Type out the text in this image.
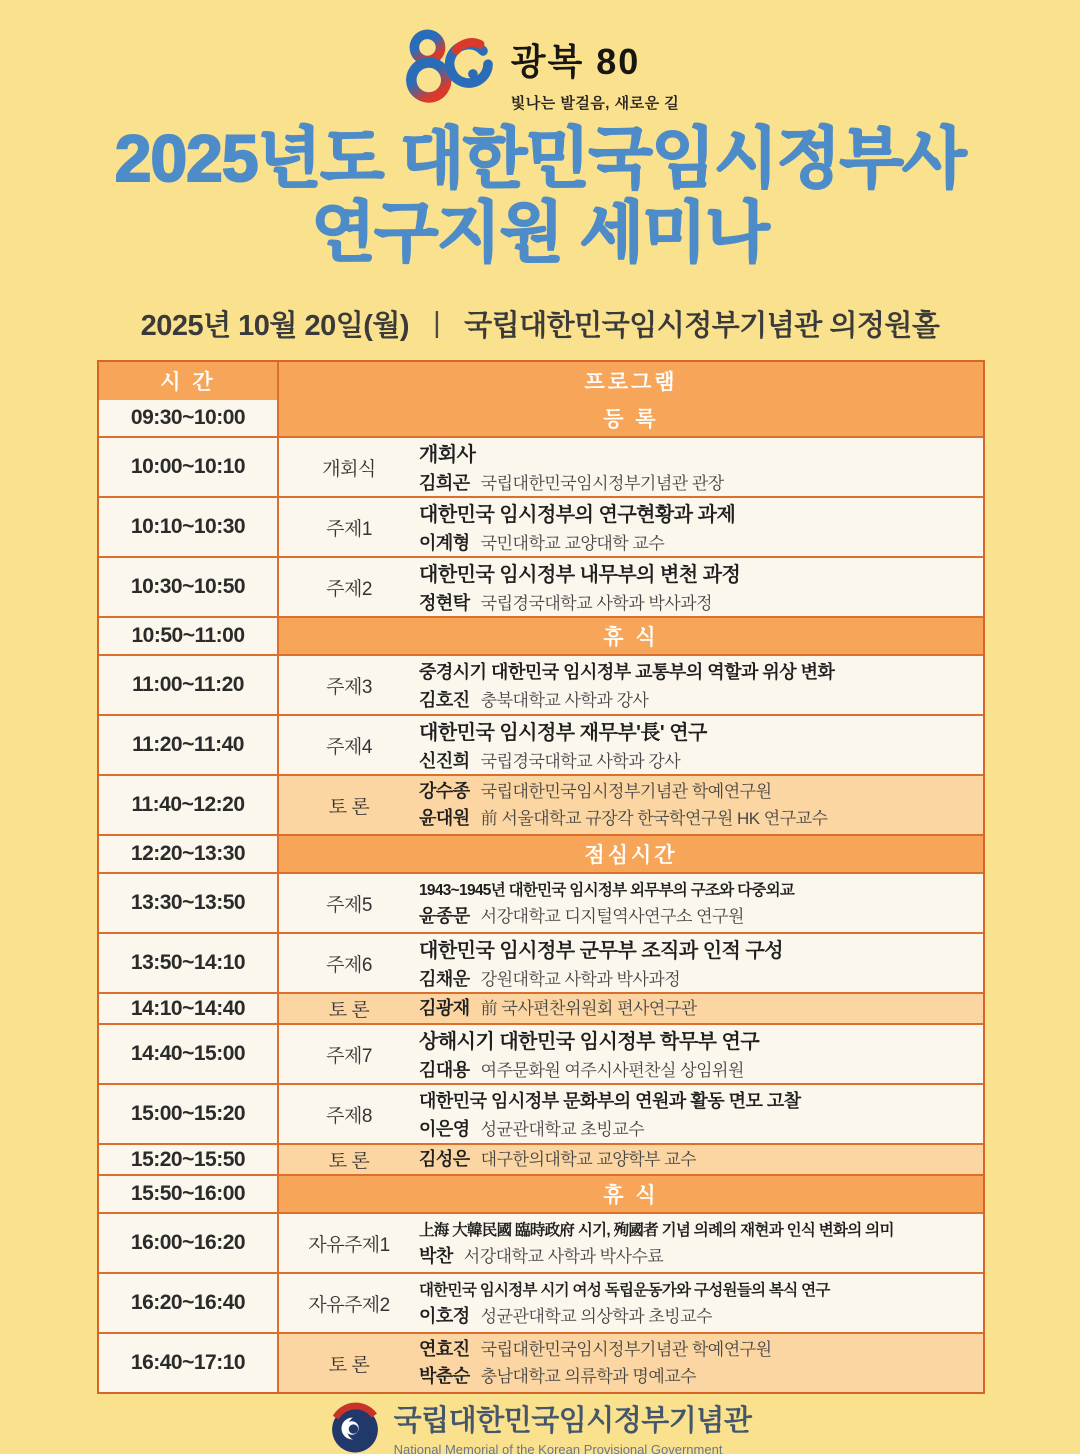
광복 80
빛나는 발걸음, 새로운 길
2025년도 대한민국임시정부사
연구지원 세미나
2025년 10월 20일(월) | 국립대한민국임시정부기념관 의정원홀
시 간	프로그램
09:30~10:00	등 록
10:00~10:10	개회식
개회사
김희곤 국립대한민국임시정부기념관 관장
10:10~10:30	주제1
대한민국 임시정부의 연구현황과 과제
이계형 국민대학교 교양대학 교수
10:30~10:50	주제2
대한민국 임시정부 내무부의 변천 과정
정현탁 국립경국대학교 사학과 박사과정
10:50~11:00	휴 식
11:00~11:20	주제3
중경시기 대한민국 임시정부 교통부의 역할과 위상 변화
김호진 충북대학교 사학과 강사
11:20~11:40	주제4
대한민국 임시정부 재무부'長' 연구
신진희 국립경국대학교 사학과 강사
11:40~12:20	토 론
강수종 국립대한민국임시정부기념관 학예연구원
윤대원 前 서울대학교 규장각 한국학연구원 HK 연구교수
12:20~13:30	점심시간
13:30~13:50	주제5
1943~1945년 대한민국 임시정부 외무부의 구조와 다중외교
윤종문 서강대학교 디지털역사연구소 연구원
13:50~14:10	주제6
대한민국 임시정부 군무부 조직과 인적 구성
김채운 강원대학교 사학과 박사과정
14:10~14:40	토 론	김광재 前 국사편찬위원회 편사연구관
14:40~15:00	주제7
상해시기 대한민국 임시정부 학무부 연구
김대용 여주문화원 여주시사편찬실 상임위원
15:00~15:20	주제8
대한민국 임시정부 문화부의 연원과 활동 면모 고찰
이은영 성균관대학교 초빙교수
15:20~15:50	토 론	김성은 대구한의대학교 교양학부 교수
15:50~16:00	휴 식
16:00~16:20	자유주제1
上海 大韓民國 臨時政府 시기, 殉國者 기념 의례의 재현과 인식 변화의 의미
박찬 서강대학교 사학과 박사수료
16:20~16:40	자유주제2
대한민국 임시정부 시기 여성 독립운동가와 구성원들의 복식 연구
이호정 성균관대학교 의상학과 초빙교수
16:40~17:10	토 론
연효진 국립대한민국임시정부기념관 학예연구원
박춘순 충남대학교 의류학과 명예교수
국립대한민국임시정부기념관
National Memorial of the Korean Provisional Government
